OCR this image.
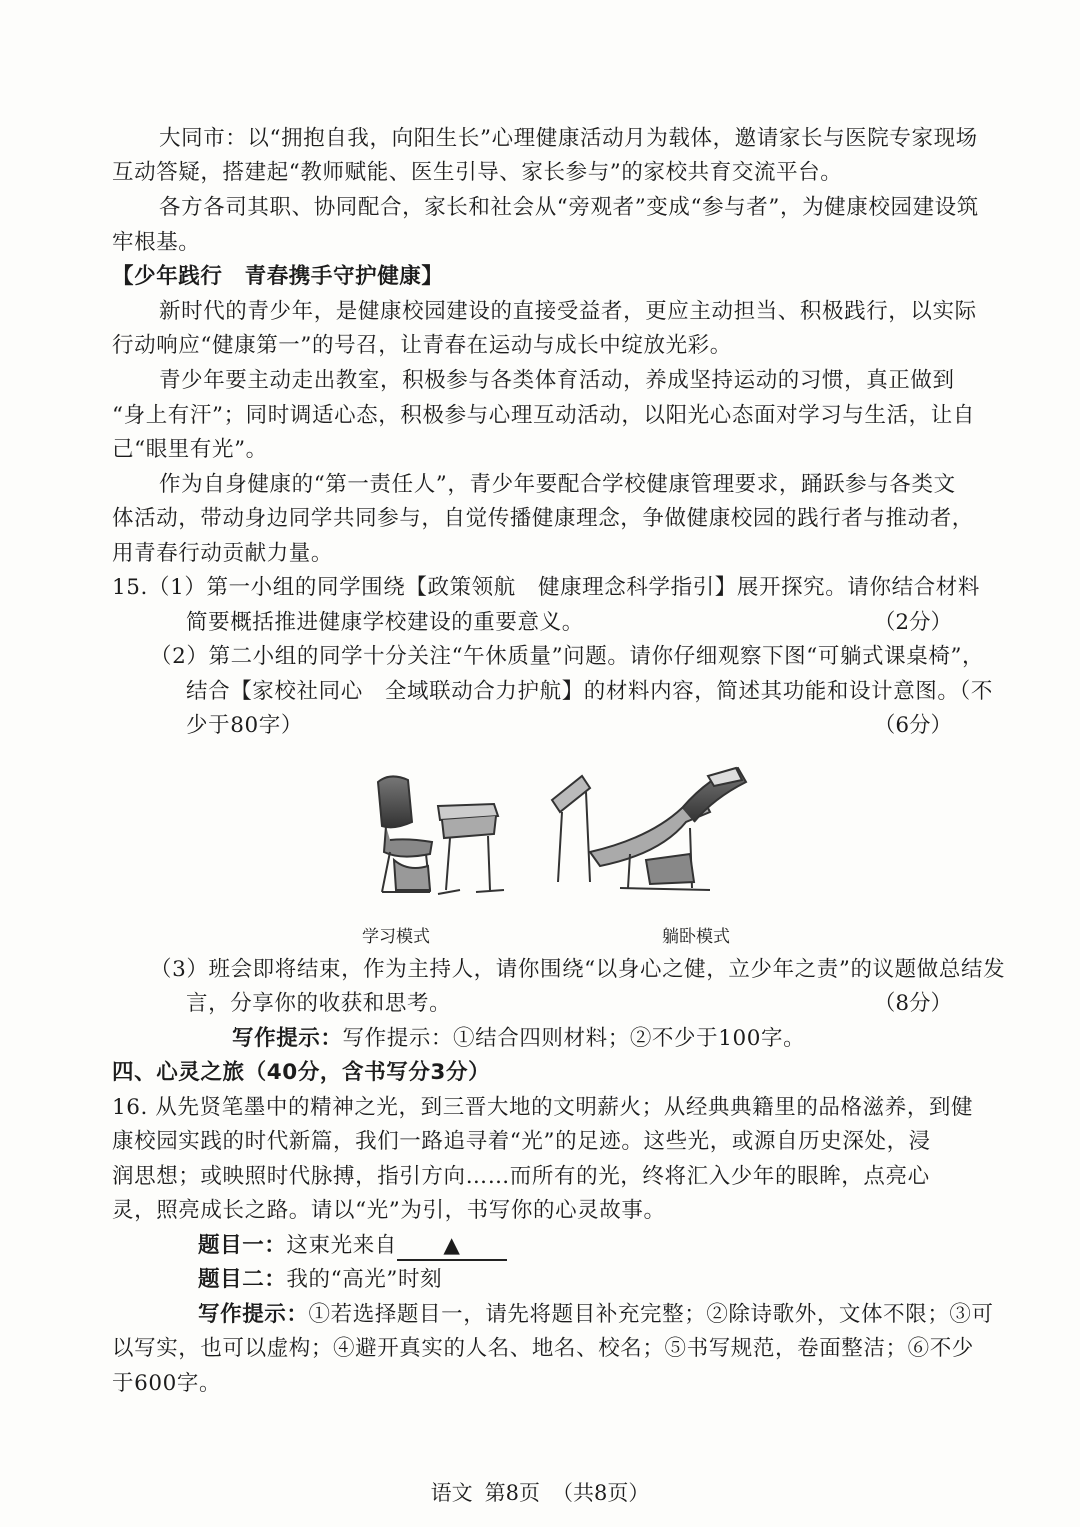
大同市：以“拥抱自我，向阳生长”心理健康活动月为载体，邀请家长与医院专家现场
互动答疑，搭建起“教师赋能、医生引导、家长参与”的家校共育交流平台。
各方各司其职、协同配合，家长和社会从“旁观者”变成“参与者”，为健康校园建设筑
牢根基。
【少年践行　青春携手守护健康】
新时代的青少年，是健康校园建设的直接受益者，更应主动担当、积极践行，以实际
行动响应“健康第一”的号召，让青春在运动与成长中绽放光彩。
青少年要主动走出教室，积极参与各类体育活动，养成坚持运动的习惯，真正做到
“身上有汗”；同时调适心态，积极参与心理互动活动，以阳光心态面对学习与生活，让自
己“眼里有光”。
作为自身健康的“第一责任人”，青少年要配合学校健康管理要求，踊跃参与各类文
体活动，带动身边同学共同参与，自觉传播健康理念，争做健康校园的践行者与推动者，
用青春行动贡献力量。
15.（1）第一小组的同学围绕【政策领航　健康理念科学指引】展开探究。请你结合材料
简要概括推进健康学校建设的重要意义。	（2分）
（2）第二小组的同学十分关注“午休质量”问题。请你仔细观察下图“可躺式课桌椅”，
结合【家校社同心　全域联动合力护航】的材料内容，简述其功能和设计意图。（不
少于80字）	（6分）
学习模式	躺卧模式
（3）班会即将结束，作为主持人，请你围绕“以身心之健，立少年之责”的议题做总结发
言，分享你的收获和思考。	（8分）
写作提示：写作提示：①结合四则材料；②不少于100字。
四、心灵之旅（40分，含书写分3分）
16. 从先贤笔墨中的精神之光，到三晋大地的文明薪火；从经典典籍里的品格滋养，到健
康校园实践的时代新篇，我们一路追寻着“光”的足迹。这些光，或源自历史深处，浸
润思想；或映照时代脉搏，指引方向……而所有的光，终将汇入少年的眼眸，点亮心
灵，照亮成长之路。请以“光”为引，书写你的心灵故事。
题目一：这束光来自 ▲
题目二：我的“高光”时刻
写作提示：①若选择题目一，请先将题目补充完整；②除诗歌外，文体不限；③可
以写实，也可以虚构；④避开真实的人名、地名、校名；⑤书写规范，卷面整洁；⑥不少
于600字。
语文 第8页 （共8页）
